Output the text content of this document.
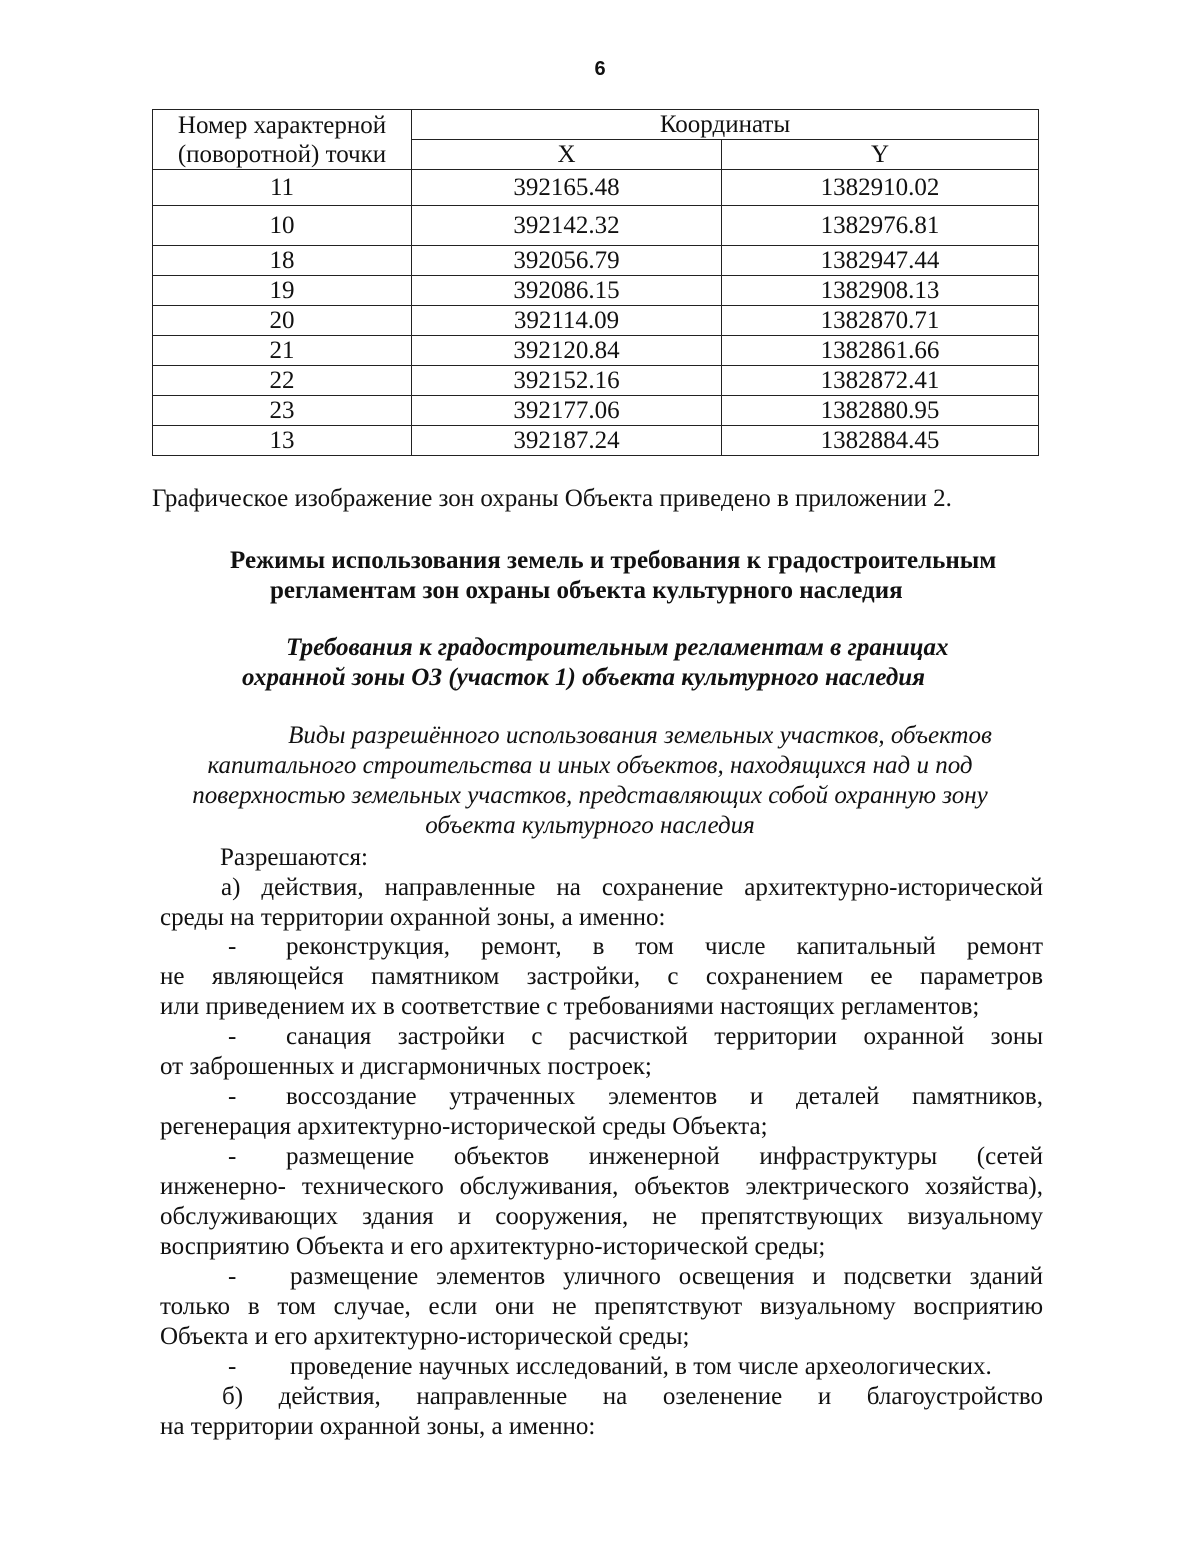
6
Номер характерной
(поворотной) точки	Координаты	
	X	Y
11	392165.48	1382910.02
10	392142.32	1382976.81
18	392056.79	1382947.44
19	392086.15	1382908.13
20	392114.09	1382870.71
21	392120.84	1382861.66
22	392152.16	1382872.41
23	392177.06	1382880.95
13	392187.24	1382884.45
Графическое изображение зон охраны Объекта приведено в приложении 2.
Режимы использования земель и требования к градостроительным
регламентам зон охраны объекта культурного наследия
Требования к градостроительным регламентам в границах
охранной зоны ОЗ (участок 1) объекта культурного наследия
Виды разрешённого использования земельных участков, объектов
капитального строительства и иных объектов, находящихся над и под
поверхностью земельных участков, представляющих собой охранную зону
объекта культурного наследия
Разрешаются:
а) действия, направленные на сохранение архитектурно-исторической
среды на территории охранной зоны, а именно:
-	реконструкция, ремонт, в том числе капитальный ремонт
не являющейся памятником застройки, с сохранением ее параметров
или приведением их в соответствие с требованиями настоящих регламентов;
-	санация застройки с расчисткой территории охранной зоны
от заброшенных и дисгармоничных построек;
-	воссоздание утраченных элементов и деталей памятников,
регенерация архитектурно-исторической среды Объекта;
-	размещение объектов инженерной инфраструктуры (сетей
инженерно- технического обслуживания, объектов электрического хозяйства),
обслуживающих здания и сооружения, не препятствующих визуальному
восприятию Объекта и его архитектурно-исторической среды;
-	размещение элементов уличного освещения и подсветки зданий
только в том случае, если они не препятствуют визуальному восприятию
Объекта и его архитектурно-исторической среды;
-	проведение научных исследований, в том числе археологических.
б) действия, направленные на озеленение и благоустройство
на территории охранной зоны, а именно:
